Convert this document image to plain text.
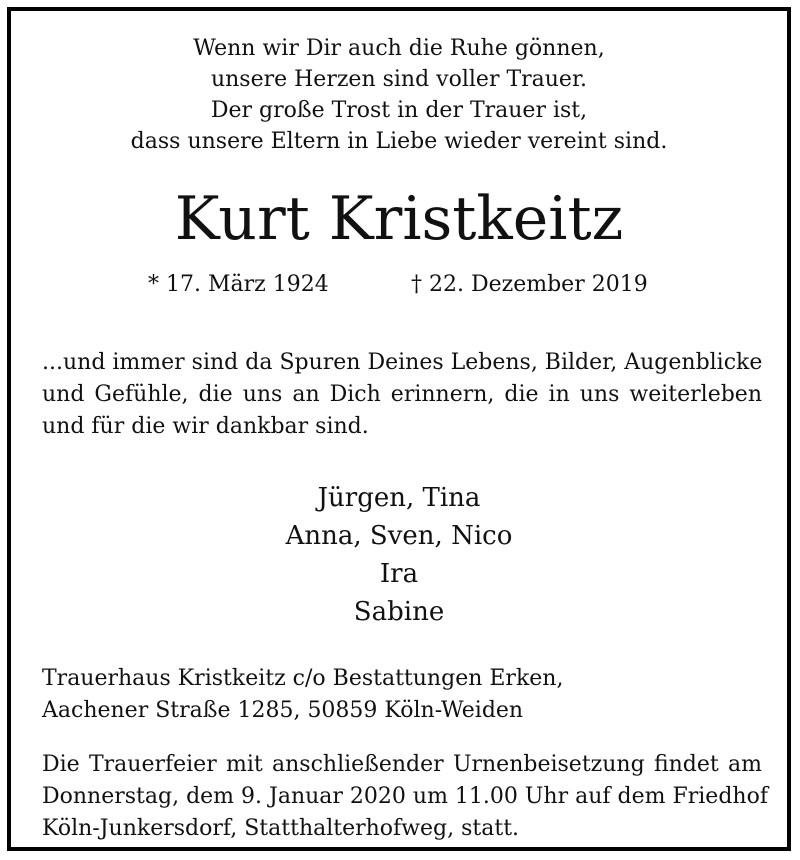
Wenn wir Dir auch die Ruhe gönnen,
unsere Herzen sind voller Trauer.
Der große Trost in der Trauer ist,
dass unsere Eltern in Liebe wieder vereint sind.
Kurt Kristkeitz
* 17. März 1924	† 22. Dezember 2019
...und immer sind da Spuren Deines Lebens, Bilder, Augenblicke
und Gefühle, die uns an Dich erinnern, die in uns weiterleben
und für die wir dankbar sind.
Jürgen, Tina
Anna, Sven, Nico
Ira
Sabine
Trauerhaus Kristkeitz c/o Bestattungen Erken,
Aachener Straße 1285, 50859 Köln-Weiden
Die Trauerfeier mit anschließender Urnenbeisetzung findet am
Donnerstag, dem 9. Januar 2020 um 11.00 Uhr auf dem Friedhof
Köln-Junkersdorf, Statthalterhofweg, statt.
